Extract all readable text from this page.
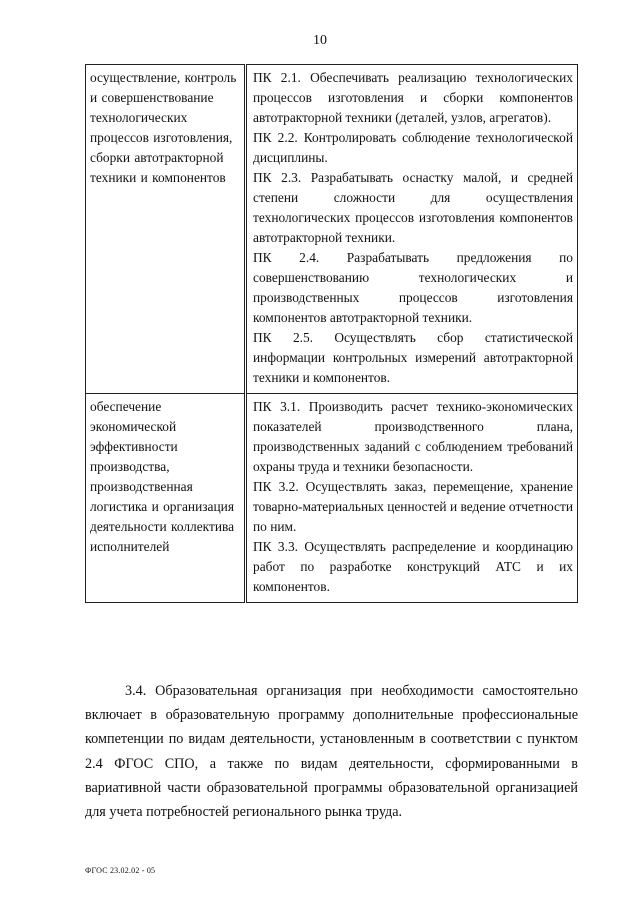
10
осуществление, контроль и совершенствование технологических процессов изготовления, сборки автотракторной техники и компонентов	ПК 2.1. Обеспечивать реализацию технологических процессов изготовления и сборки компонентов автотракторной техники (деталей, узлов, агрегатов).
ПК 2.2. Контролировать соблюдение технологической дисциплины.
ПК 2.3. Разрабатывать оснастку малой, и средней степени сложности для осуществления технологических процессов изготовления компонентов автотракторной техники.
ПК 2.4. Разрабатывать предложения по совершенствованию технологических и производственных процессов изготовления компонентов автотракторной техники.
ПК 2.5. Осуществлять сбор статистической информации контрольных измерений автотракторной техники и компонентов.

обеспечение экономической эффективности производства, производственная логистика и организация деятельности коллектива исполнителей	ПК 3.1. Производить расчет технико-экономических показателей производственного плана, производственных заданий с соблюдением требований охраны труда и техники безопасности.
ПК 3.2. Осуществлять заказ, перемещение, хранение товарно-материальных ценностей и ведение отчетности по ним.
ПК 3.3. Осуществлять распределение и координацию работ по разработке конструкций АТС и их компонентов.
3.4. Образовательная организация при необходимости самостоятельно включает в образовательную программу дополнительные профессиональные компетенции по видам деятельности, установленным в соответствии с пунктом 2.4 ФГОС СПО, а также по видам деятельности, сформированными в вариативной части образовательной программы образовательной организацией для учета потребностей регионального рынка труда.
ФГОС 23.02.02 - 05
